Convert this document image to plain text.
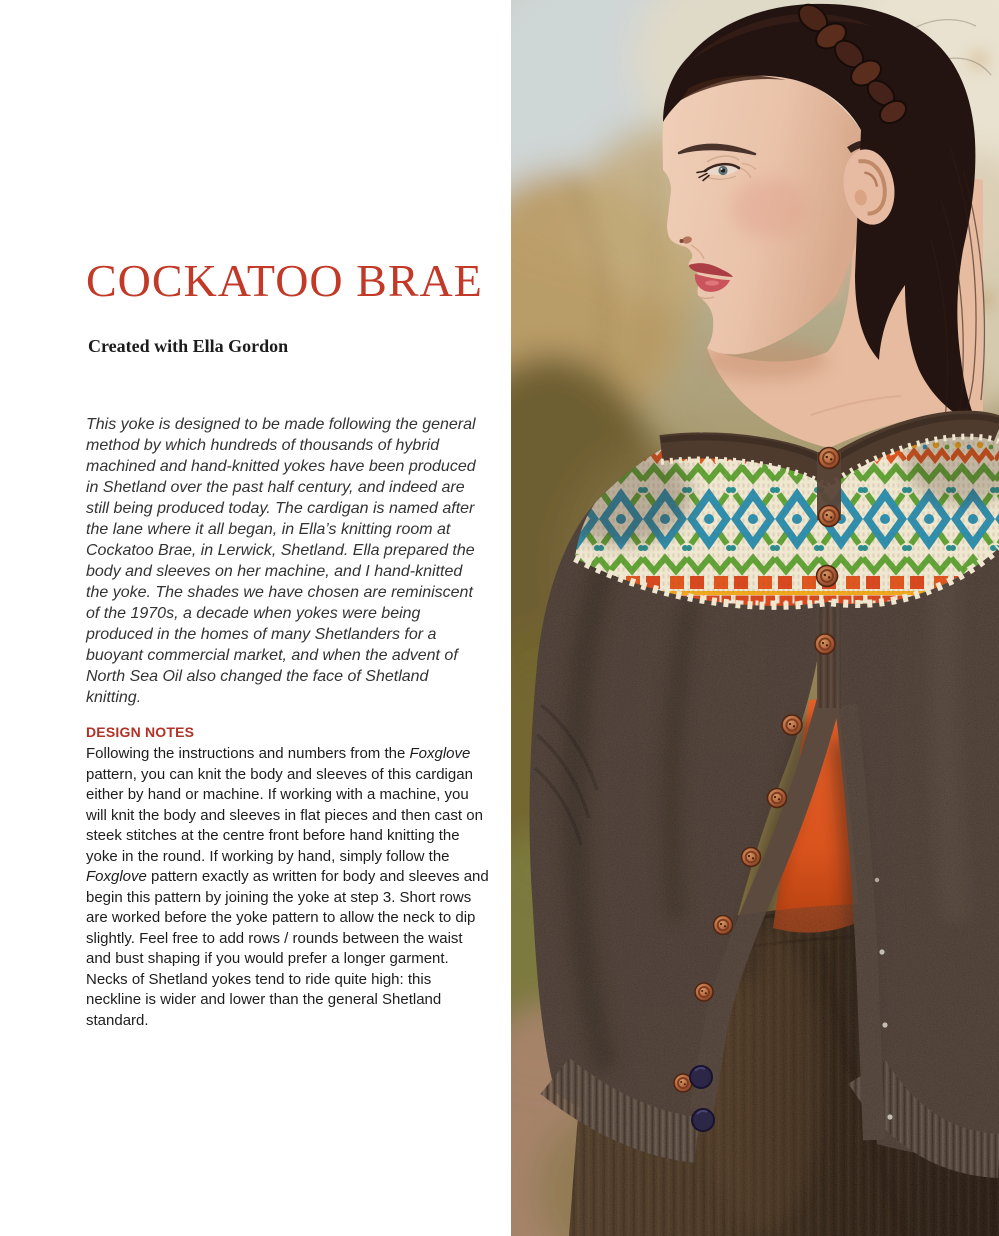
COCKATOO BRAE

Created with Ella Gordon

This yoke is designed to be made following the general method by which hundreds of thousands of hybrid machined and hand-knitted yokes have been produced in Shetland over the past half century, and indeed are still being produced today. The cardigan is named after the lane where it all began, in Ella’s knitting room at Cockatoo Brae, in Lerwick, Shetland. Ella prepared the body and sleeves on her machine, and I hand-knitted the yoke. The shades we have chosen are reminiscent of the 1970s, a decade when yokes were being produced in the homes of many Shetlanders for a buoyant commercial market, and when the advent of North Sea Oil also changed the face of Shetland knitting.

DESIGN NOTES

Following the instructions and numbers from the Foxglove pattern, you can knit the body and sleeves of this cardigan either by hand or machine. If working with a machine, you will knit the body and sleeves in flat pieces and then cast on steek stitches at the centre front before hand knitting the yoke in the round. If working by hand, simply follow the Foxglove pattern exactly as written for body and sleeves and begin this pattern by joining the yoke at step 3. Short rows are worked before the yoke pattern to allow the neck to dip slightly. Feel free to add rows / rounds between the waist and bust shaping if you would prefer a longer garment. Necks of Shetland yokes tend to ride quite high: this neckline is wider and lower than the general Shetland standard.
